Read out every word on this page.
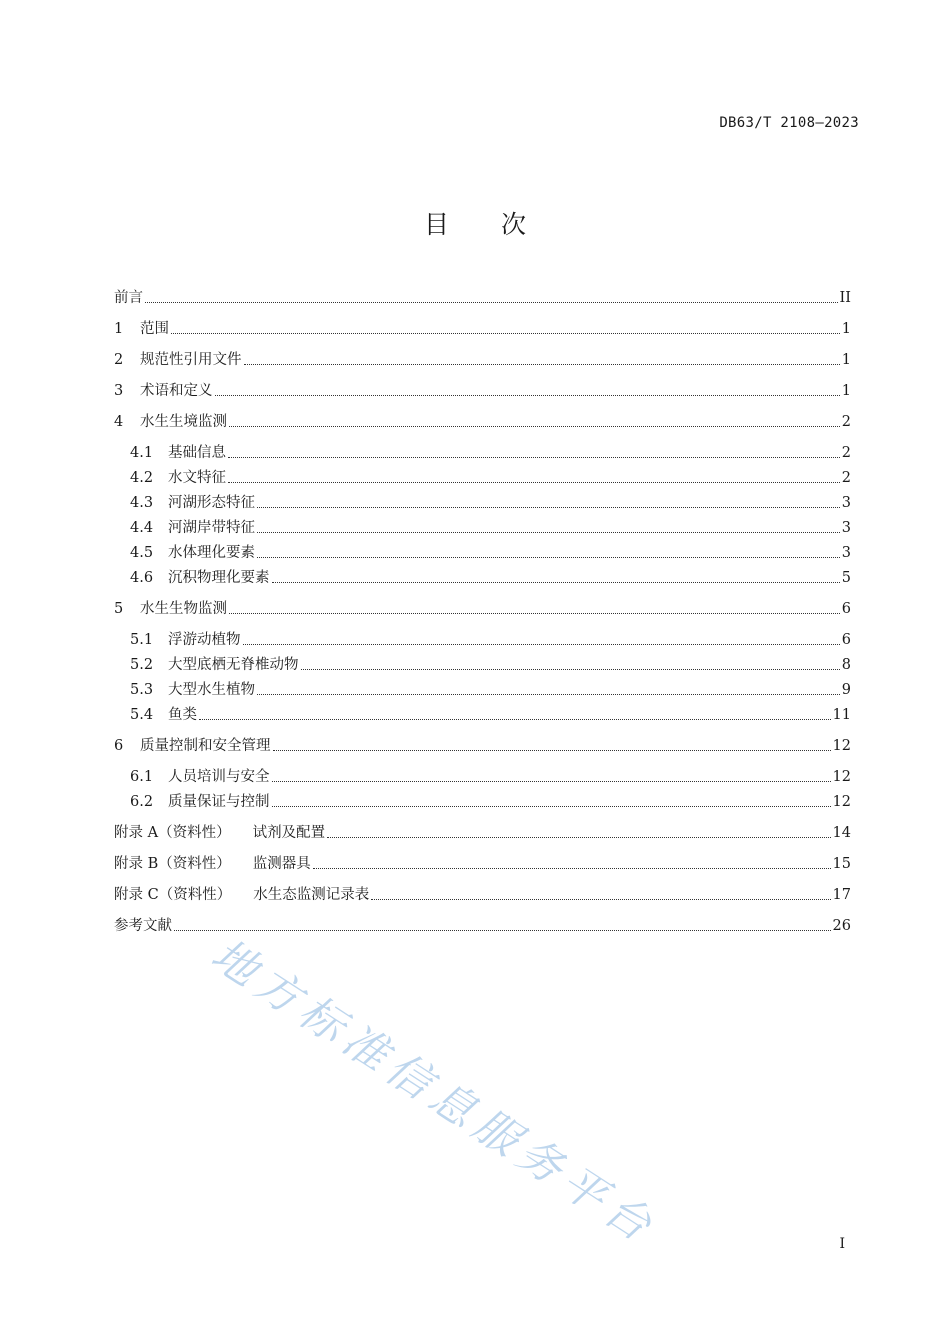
DB63/T 2108—2023
目 次
前言	II
1	范围	1
2	规范性引用文件	1
3	术语和定义	1
4	水生生境监测	2
4.1	基础信息	2
4.2	水文特征	2
4.3	河湖形态特征	3
4.4	河湖岸带特征	3
4.5	水体理化要素	3
4.6	沉积物理化要素	5
5	水生生物监测	6
5.1	浮游动植物	6
5.2	大型底栖无脊椎动物	8
5.3	大型水生植物	9
5.4	鱼类	11
6	质量控制和安全管理	12
6.1	人员培训与安全	12
6.2	质量保证与控制	12
附录 A（资料性） 试剂及配置	14
附录 B（资料性） 监测器具	15
附录 C（资料性） 水生态监测记录表	17
参考文献	26
I
地方标准信息服务平台
